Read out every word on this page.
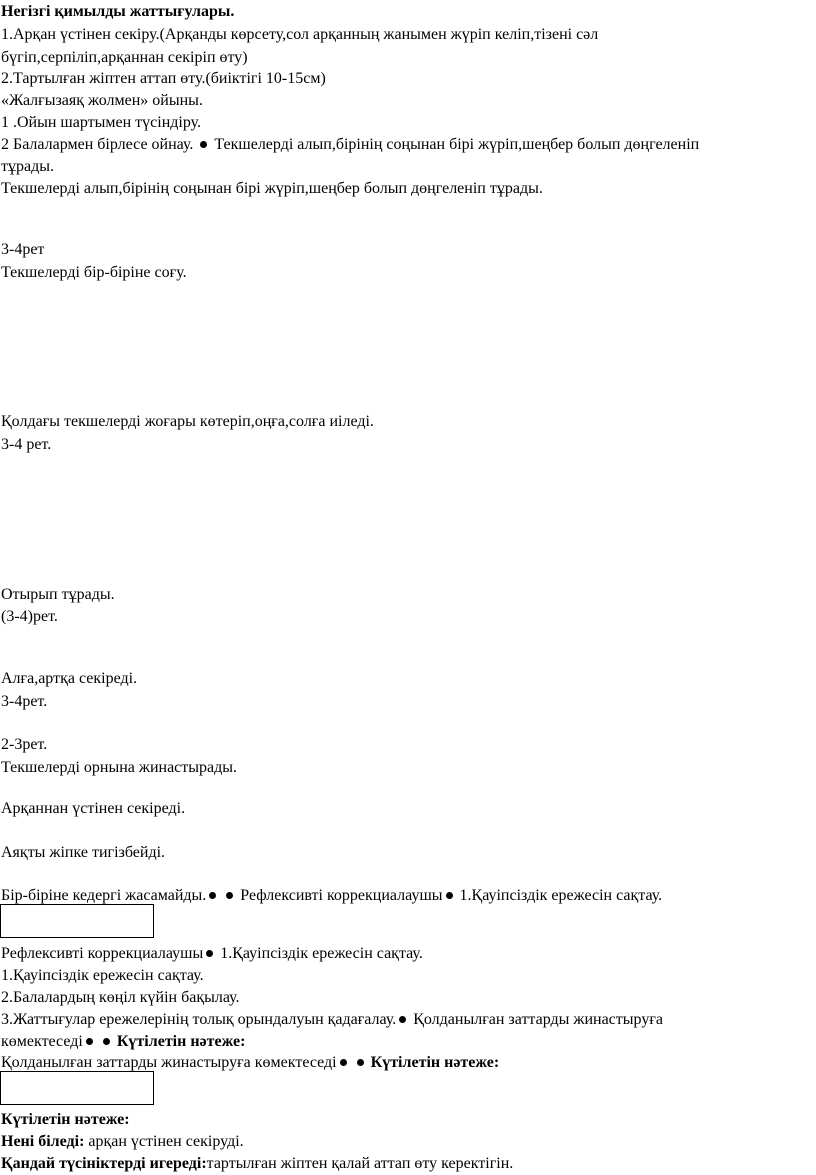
Негізгі қимылды жаттығулары.
1.Арқан үстінен секіру.(Арқанды көрсету,сол арқанның жанымен жүріп келіп,тізені сәл
бүгіп,серпіліп,арқаннан секіріп өту)
2.Тартылған жіптен аттап өту.(биіктігі 10-15см)
«Жалғызаяқ жолмен» ойыны.
1 .Ойын шартымен түсіндіру.
2 Балалармен бірлесе ойнау. Текшелерді алып,бірінің соңынан бірі жүріп,шеңбер болып дөңгеленіп
тұрады.
Текшелерді алып,бірінің соңынан бірі жүріп,шеңбер болып дөңгеленіп тұрады.
3-4рет
Текшелерді бір-біріне соғу.
Қолдағы текшелерді жоғары көтеріп,оңға,солға иіледі.
3-4 рет.
Отырып тұрады.
(3-4)рет.
Алға,артқа секіреді.
3-4рет.
2-3рет.
Текшелерді орнына жинастырады.
Арқаннан үстінен секіреді.
Аяқты жіпке тигізбейді.
Бір-біріне кедергі жасамайды. Рефлексивті коррекциалаушы 1.Қауіпсіздік ережесін сақтау.
Рефлексивті коррекциалаушы 1.Қауіпсіздік ережесін сақтау.
1.Қауіпсіздік ережесін сақтау.
2.Балалардың көңіл күйін бақылау.
3.Жаттығулар ережелерінің толық орындалуын қадағалау. Қолданылған заттарды жинастыруға
көмектеседі Күтілетін нәтеже:
Қолданылған заттарды жинастыруға көмектеседі Күтілетін нәтеже:
Күтілетін нәтеже:
Нені біледі: арқан үстінен секіруді.
Қандай түсініктерді игереді:тартылған жіптен қалай аттап өту керектігін.
